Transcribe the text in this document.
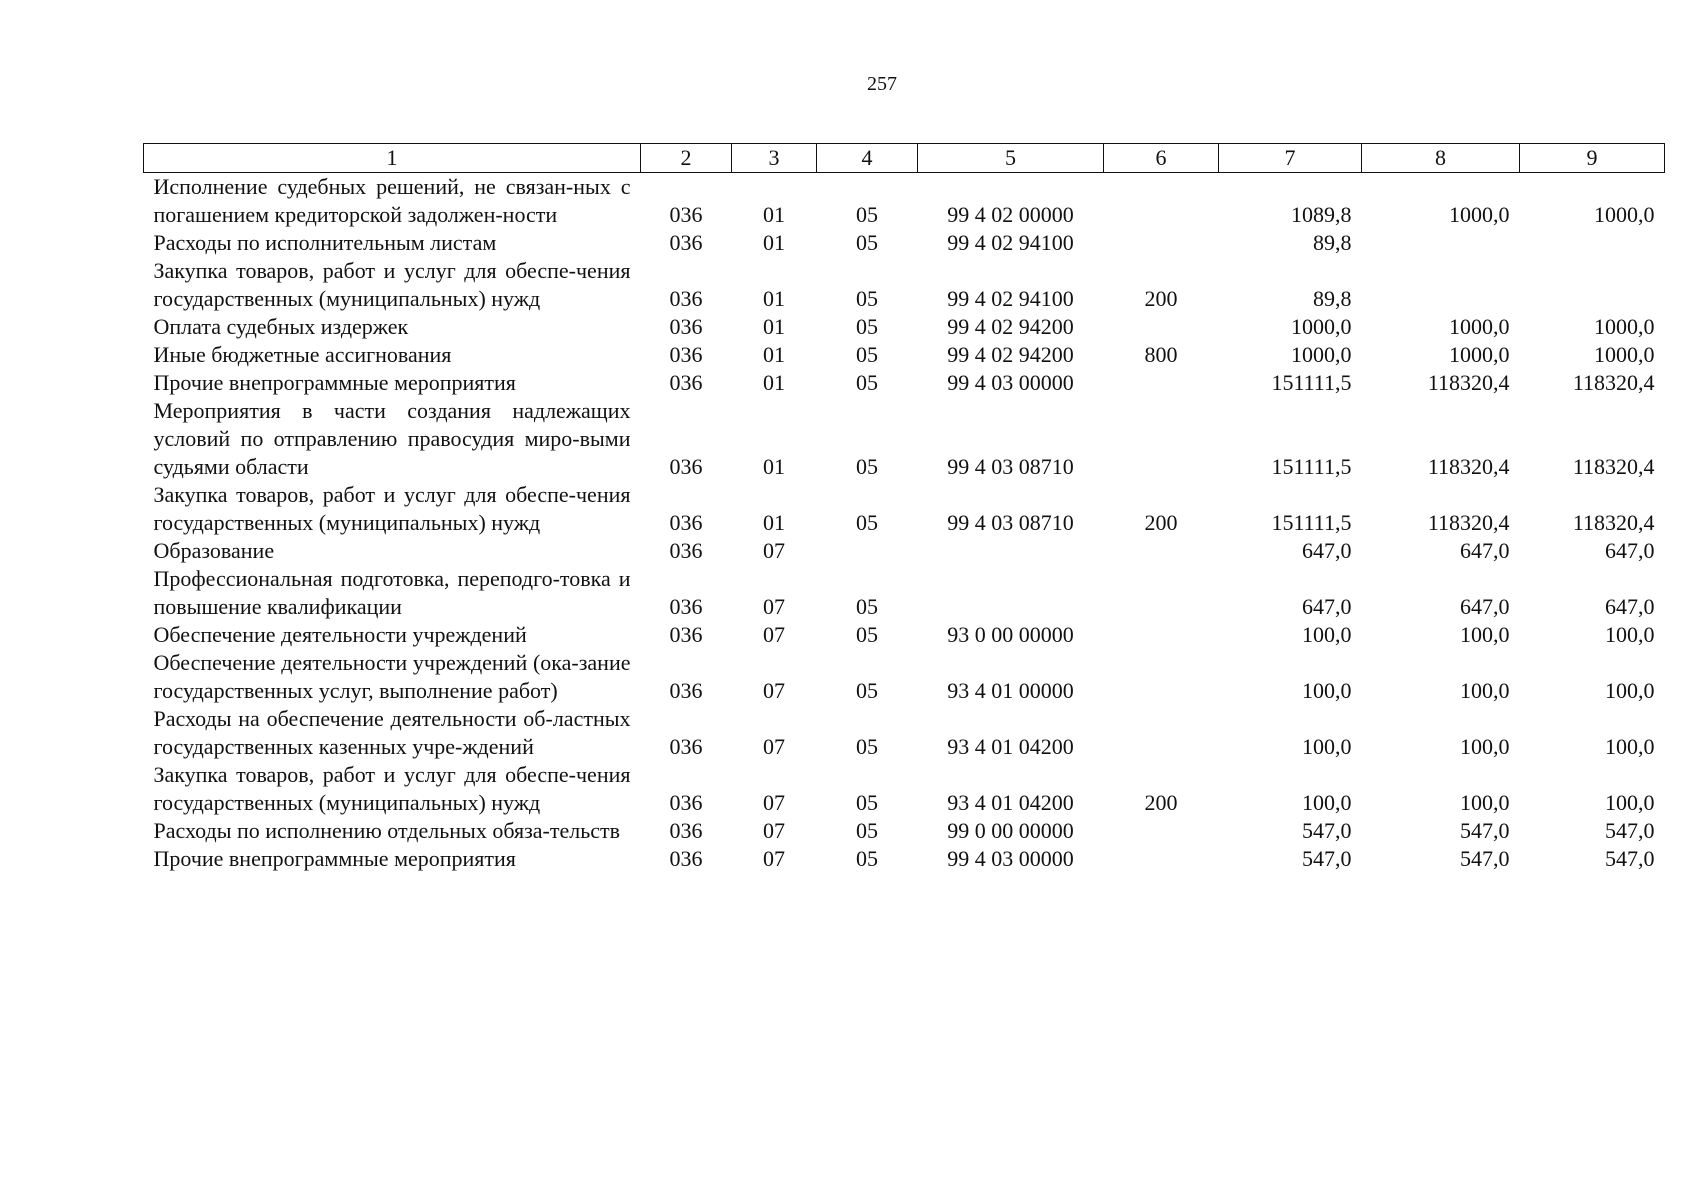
257
1	2	3	4	5	6	7	8	9
Исполнение судебных решений, не связан-ных с погашением кредиторской задолжен-ности	036	01	05	99 4 02 00000		1089,8	1000,0	1000,0
Расходы по исполнительным листам	036	01	05	99 4 02 94100		89,8		
Закупка товаров, работ и услуг для обеспе-чения государственных (муниципальных) нужд	036	01	05	99 4 02 94100	200	89,8		
Оплата судебных издержек	036	01	05	99 4 02 94200		1000,0	1000,0	1000,0
Иные бюджетные ассигнования	036	01	05	99 4 02 94200	800	1000,0	1000,0	1000,0
Прочие внепрограммные мероприятия	036	01	05	99 4 03 00000		151111,5	118320,4	118320,4
Мероприятия в части создания надлежащих условий по отправлению правосудия миро-выми судьями области	036	01	05	99 4 03 08710		151111,5	118320,4	118320,4
Закупка товаров, работ и услуг для обеспе-чения государственных (муниципальных) нужд	036	01	05	99 4 03 08710	200	151111,5	118320,4	118320,4
Образование	036	07				647,0	647,0	647,0
Профессиональная подготовка, переподго-товка и повышение квалификации	036	07	05			647,0	647,0	647,0
Обеспечение деятельности учреждений	036	07	05	93 0 00 00000		100,0	100,0	100,0
Обеспечение деятельности учреждений (ока-зание государственных услуг, выполнение работ)	036	07	05	93 4 01 00000		100,0	100,0	100,0
Расходы на обеспечение деятельности об-ластных государственных казенных учре-ждений	036	07	05	93 4 01 04200		100,0	100,0	100,0
Закупка товаров, работ и услуг для обеспе-чения государственных (муниципальных) нужд	036	07	05	93 4 01 04200	200	100,0	100,0	100,0
Расходы по исполнению отдельных обяза-тельств	036	07	05	99 0 00 00000		547,0	547,0	547,0
Прочие внепрограммные мероприятия	036	07	05	99 4 03 00000		547,0	547,0	547,0
